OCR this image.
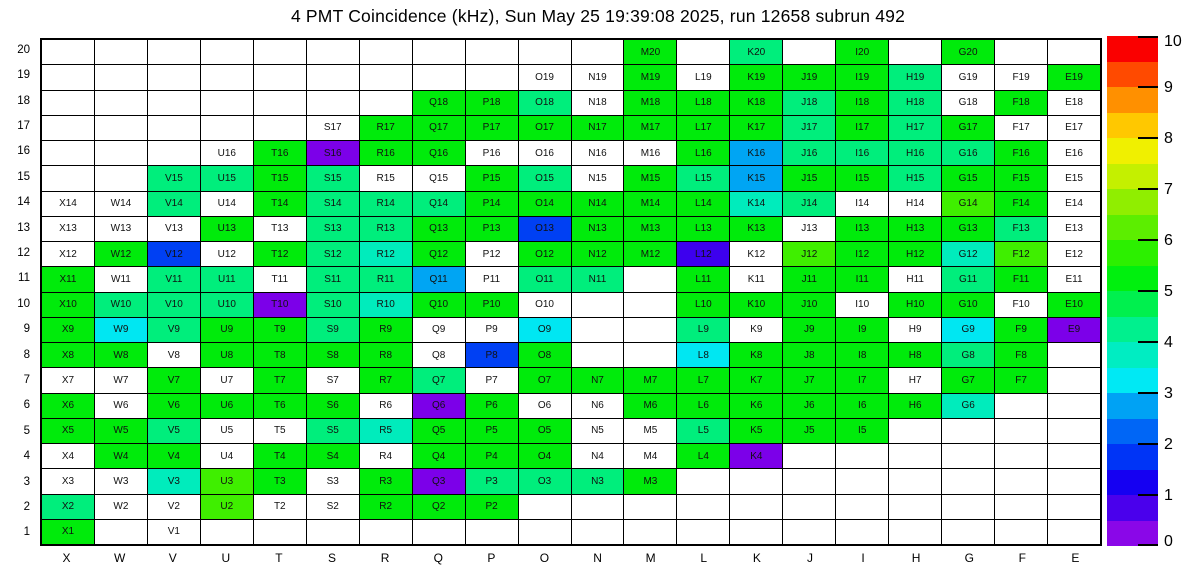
4 PMT Coincidence (kHz), Sun May 25 19:39:08 2025, run 12658 subrun 492
20
19
18
17
16
15
14
13
12
11
10
9
8
7
6
5
4
3
2
1
M20	K20	I20	G20
O19	N19	M19	L19	K19	J19	I19	H19	G19	F19	E19
Q18	P18	O18	N18	M18	L18	K18	J18	I18	H18	G18	F18	E18
S17	R17	Q17	P17	O17	N17	M17	L17	K17	J17	I17	H17	G17	F17	E17
U16	T16	S16	R16	Q16	P16	O16	N16	M16	L16	K16	J16	I16	H16	G16	F16	E16
V15	U15	T15	S15	R15	Q15	P15	O15	N15	M15	L15	K15	J15	I15	H15	G15	F15	E15
X14	W14	V14	U14	T14	S14	R14	Q14	P14	O14	N14	M14	L14	K14	J14	I14	H14	G14	F14	E14
X13	W13	V13	U13	T13	S13	R13	Q13	P13	O13	N13	M13	L13	K13	J13	I13	H13	G13	F13	E13
X12	W12	V12	U12	T12	S12	R12	Q12	P12	O12	N12	M12	L12	K12	J12	I12	H12	G12	F12	E12
X11	W11	V11	U11	T11	S11	R11	Q11	P11	O11	N11	L11	K11	J11	I11	H11	G11	F11	E11
X10	W10	V10	U10	T10	S10	R10	Q10	P10	O10	L10	K10	J10	I10	H10	G10	F10	E10
X9	W9	V9	U9	T9	S9	R9	Q9	P9	O9	L9	K9	J9	I9	H9	G9	F9	E9
X8	W8	V8	U8	T8	S8	R8	Q8	P8	O8	L8	K8	J8	I8	H8	G8	F8
X7	W7	V7	U7	T7	S7	R7	Q7	P7	O7	N7	M7	L7	K7	J7	I7	H7	G7	F7
X6	W6	V6	U6	T6	S6	R6	Q6	P6	O6	N6	M6	L6	K6	J6	I6	H6	G6
X5	W5	V5	U5	T5	S5	R5	Q5	P5	O5	N5	M5	L5	K5	J5	I5
X4	W4	V4	U4	T4	S4	R4	Q4	P4	O4	N4	M4	L4	K4
X3	W3	V3	U3	T3	S3	R3	Q3	P3	O3	N3	M3
X2	W2	V2	U2	T2	S2	R2	Q2	P2
X1	V1
X	W	V	U	T	S	R	Q	P	O	N	M	L	K	J	I	H	G	F	E
10
9
8
7
6
5
4
3
2
1
0
